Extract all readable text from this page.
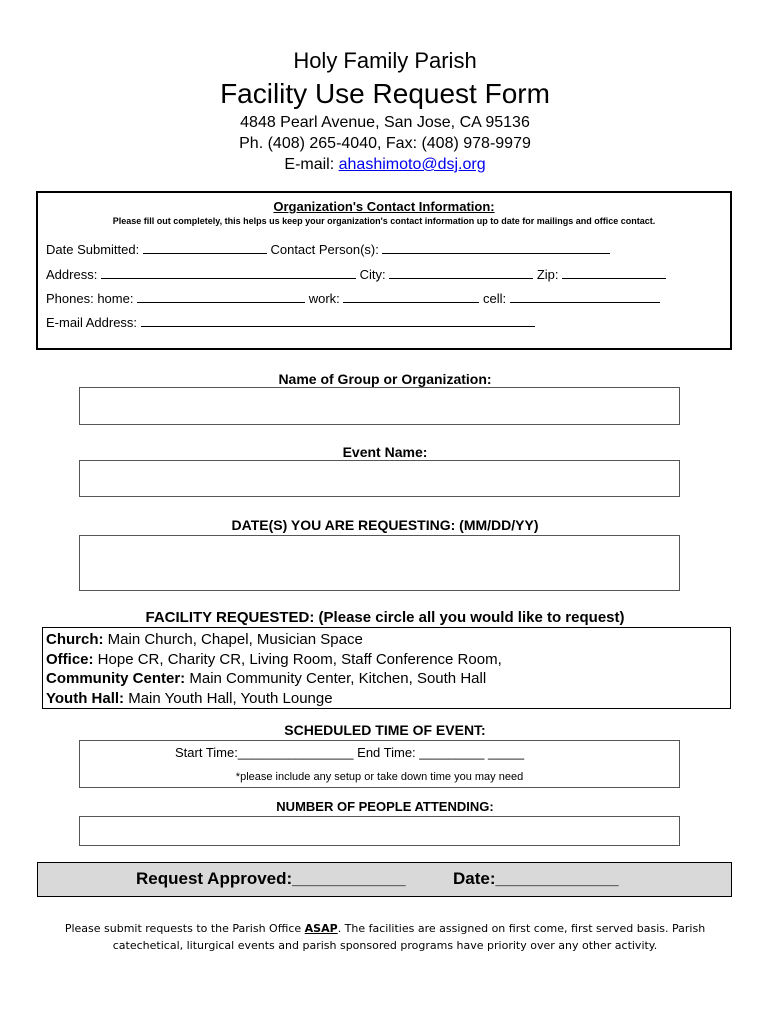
Holy Family Parish
Facility Use Request Form
4848 Pearl Avenue, San Jose, CA 95136
Ph. (408) 265-4040, Fax: (408) 978-9979
E-mail: ahashimoto@dsj.org
Organization's Contact Information:
Please fill out completely, this helps us keep your organization's contact information up to date for mailings and office contact.
Date Submitted:	Contact Person(s):
Address:	City:	Zip:
Phones: home:	work:	cell:
E-mail Address:
Name of Group or Organization:
Event Name:
DATE(S) YOU ARE REQUESTING: (MM/DD/YY)
FACILITY REQUESTED: (Please circle all you would like to request)
Church: Main Church, Chapel, Musician Space
Office: Hope CR, Charity CR, Living Room, Staff Conference Room,
Community Center: Main Community Center, Kitchen, South Hall
Youth Hall: Main Youth Hall, Youth Lounge
SCHEDULED TIME OF EVENT:
Start Time:________________ End Time: _________ _____
*please include any setup or take down time you may need
NUMBER OF PEOPLE ATTENDING:
Request Approved:____________	Date:_____________
Please submit requests to the Parish Office ASAP. The facilities are assigned on first come, first served basis. Parish catechetical, liturgical events and parish sponsored programs have priority over any other activity.
